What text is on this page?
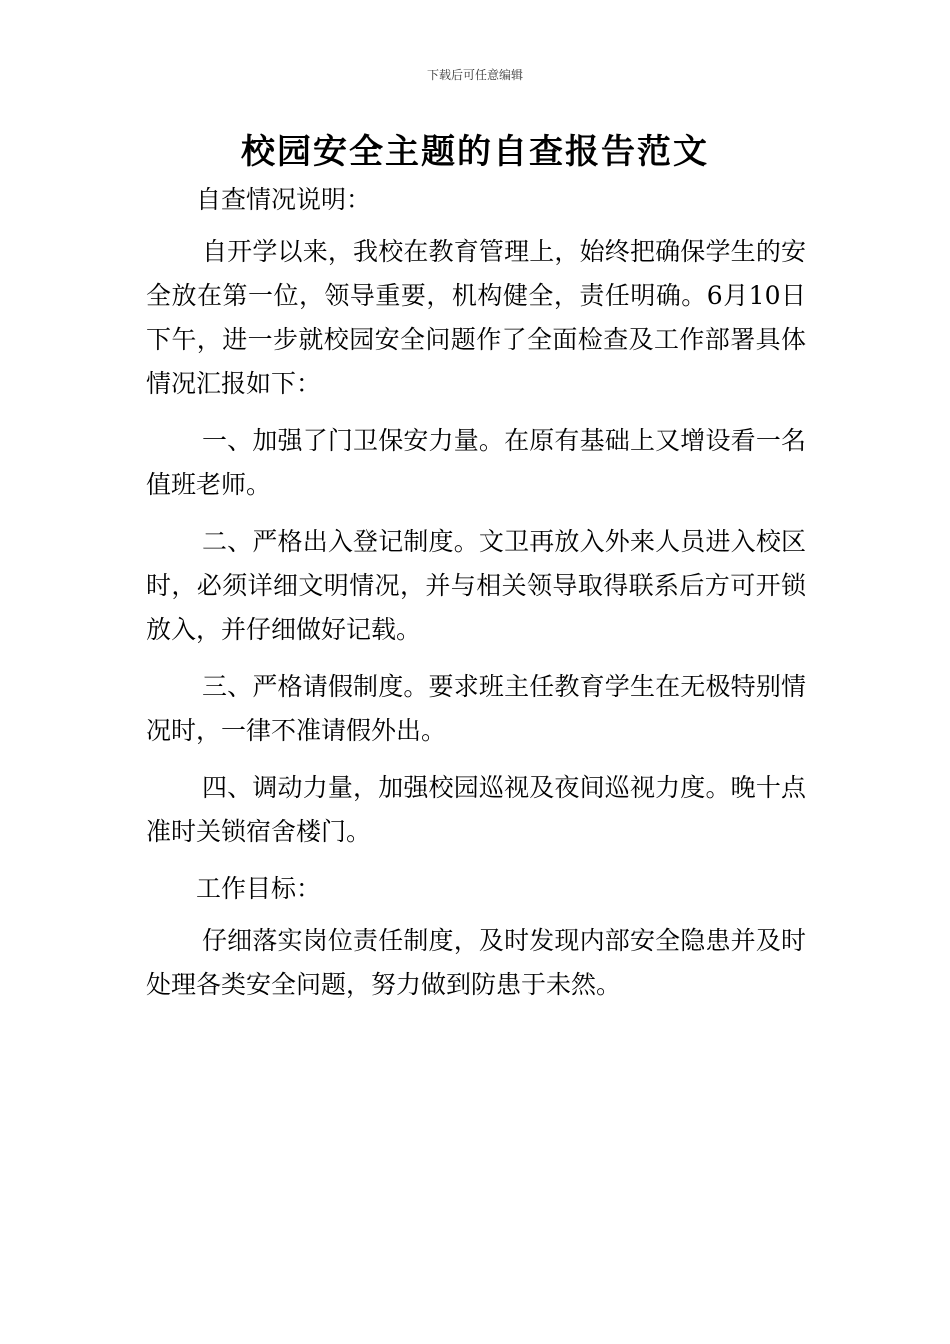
下载后可任意编辑
校园安全主题的自查报告范文

自查情况说明：

自开学以来，我校在教育管理上，始终把确保学生的安全放在第一位，领导重要，机构健全，责任明确。6月10日下午，进一步就校园安全问题作了全面检查及工作部署具体情况汇报如下：

一、加强了门卫保安力量。在原有基础上又增设看一名值班老师。

二、严格出入登记制度。文卫再放入外来人员进入校区时，必须详细文明情况，并与相关领导取得联系后方可开锁放入，并仔细做好记载。

三、严格请假制度。要求班主任教育学生在无极特别情况时，一律不准请假外出。

四、调动力量，加强校园巡视及夜间巡视力度。晚十点准时关锁宿舍楼门。

工作目标：

仔细落实岗位责任制度，及时发现内部安全隐患并及时处理各类安全问题，努力做到防患于未然。
